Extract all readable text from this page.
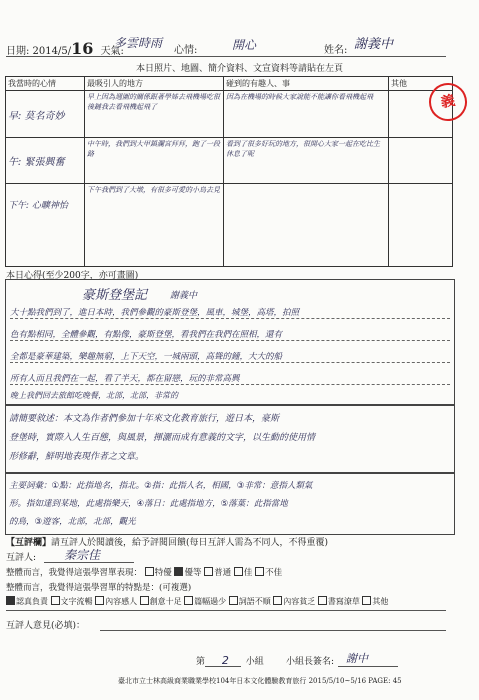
日期: 2014/5/16 天氣:
多雲時雨
心情:	開心	姓名: 謝義中
本日照片、地圖、簡介資料、文宣資料等請貼在左頁
我當時的心情	最吸引人的地方	碰到的有趣人、事	其他
早: 莫名奇妙	早上因為週圍的關係跟著學姊去飛機場吃很後鏈我去看飛機起飛了	因為在機場的時候大家說能不能讓你看飛機起飛	
午: 緊張興奮	中午時，我們到大甲鎮瀾宮拜拜，跑了一段路	看到了很多好玩的地方，很開心大家一起在吃比生休息了呢	
下午: 心曠神怡	下午我們到了大墩，有很多可愛的小鳥去見		
義
本日心得(至少200字，亦可畫圖)
豪斯登堡記	謝義中
大十點我們到了，進日本時，我們參觀的豪斯登堡，風車，城堡，高塔，拍照
色有點相同，全體參觀，有點像，豪斯登堡，看我們在我們在照相，還有
全都是豪華建築，樂趣無窮，上下天空，一城兩頭，高聳的鐘，大大的船
所有人而且我們在一起，看了半天，都在留戀，玩的非常高興
晚上我們回去旅館吃晚餐，北部，北部，非常的
請簡要敘述：本文為作者們參加十年來文化教育旅行，遊日本，豪斯
登堡時，實際入人生百態，與風景，揮灑而成有意義的文字，以生動的使用情
形修辭，鮮明地表現作者之文章。
主要詞彙：①點：此指地名，指北。②指：此指人名，相國，③非常：意指人類氣
形。指如達到某地，此處指樂天，④落日：此處指地方，⑤落葉：此指當地
的鳥，③遊客，北部，北部，觀光
【互評欄】請互評人於閱讀後，給予評閱回饋(每日互評人需為不同人，不得重覆)
互評人: 秦宗佳
整體而言，我覺得這張學習單表現： 特優 優等 普通 佳 不佳
整體而言，我覺得這張學習單的特點是：(可複選)
認真負責 文字流暢 內容感人 創意十足 篇幅過少 詞語不順 內容貧乏 書寫潦草 其他
互評人意見(必填)：
第 2 小組 小組長簽名: 謝中
臺北市立士林高級商業職業學校104年日本文化體驗教育旅行 2015/5/10~5/16 PAGE: 45
